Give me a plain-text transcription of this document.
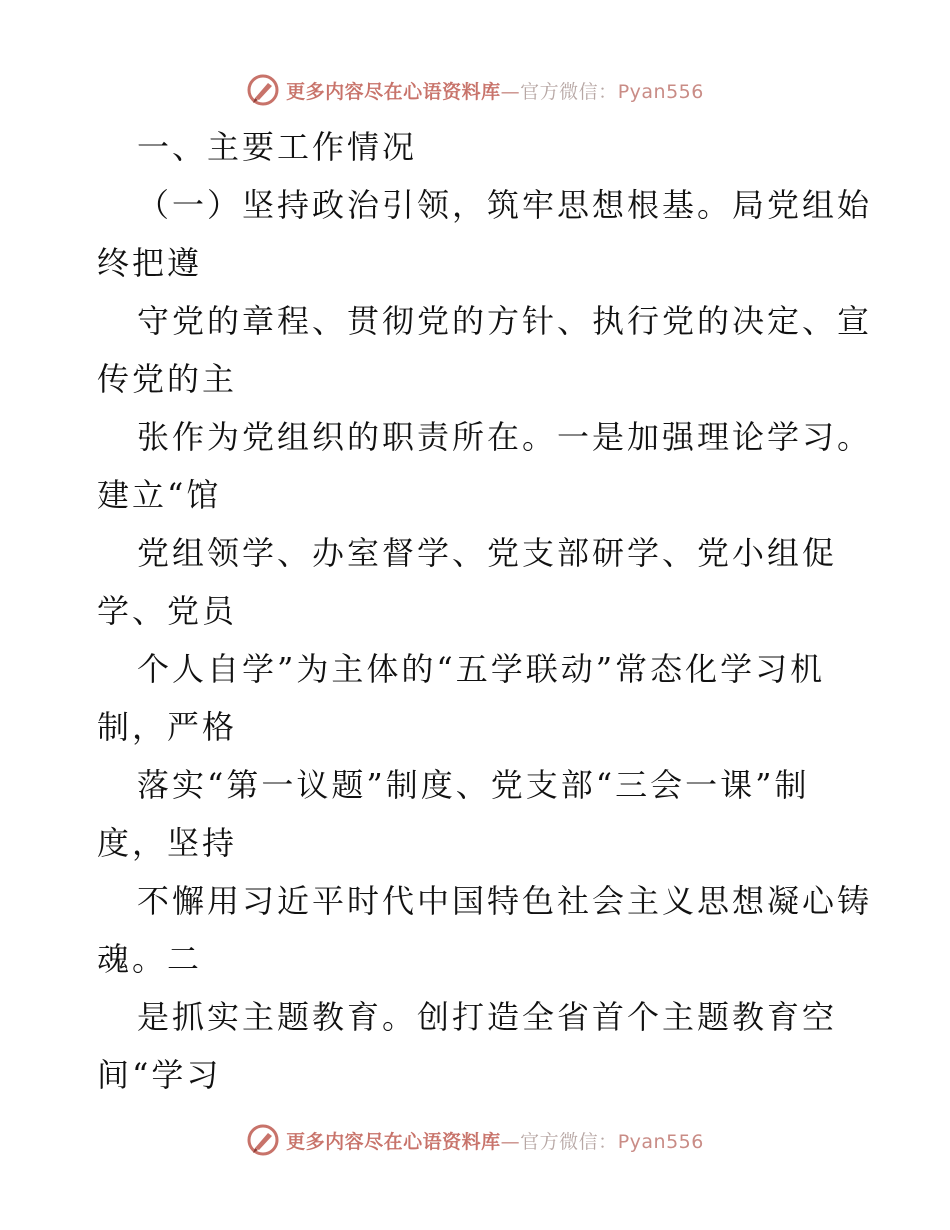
更多内容尽在心语资料库—官方微信：Pyan556
一、主要工作情况
（一）坚持政治引领，筑牢思想根基。局党组始
终把遵
守党的章程、贯彻党的方针、执行党的决定、宣
传党的主
张作为党组织的职责所在。一是加强理论学习。
建立“馆
党组领学、办室督学、党支部研学、党小组促
学、党员
个人自学”为主体的“五学联动”常态化学习机
制，严格
落实“第一议题”制度、党支部“三会一课”制
度，坚持
不懈用习近平时代中国特色社会主义思想凝心铸
魂。二
是抓实主题教育。创打造全省首个主题教育空
间“学习
更多内容尽在心语资料库—官方微信：Pyan556
